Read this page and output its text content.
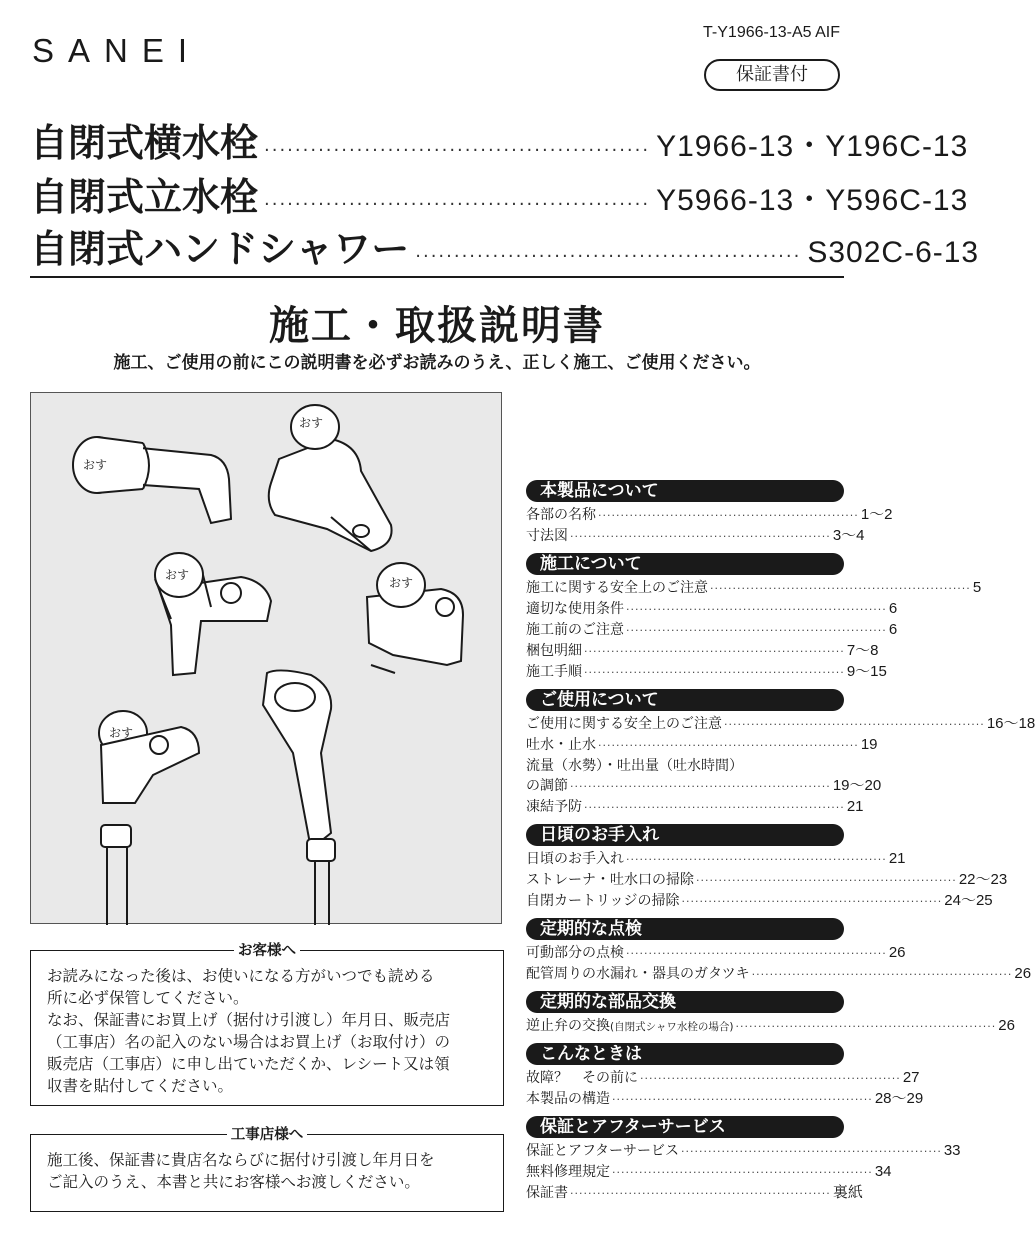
SANEI	T-Y1966-13-A5 AIF
保証書付
自閉式横水栓 ·················································· Y1966-13・Y196C-13
自閉式立水栓 ·················································· Y5966-13・Y596C-13
自閉式ハンドシャワー ·················································· S302C-6-13
施工・取扱説明書
施工、ご使用の前にこの説明書を必ずお読みのうえ、正しく施工、ご使用ください。
おす
おす
おす
おす
おす
お客様へ

お読みになった後は、お使いになる方がいつでも読める

所に必ず保管してください。

なお、保証書にお買上げ（据付け引渡し）年月日、販売店

（工事店）名の記入のない場合はお買上げ（お取付け）の

販売店（工事店）に申し出ていただくか、レシート又は領

収書を貼付してください。

工事店様へ

施工後、保証書に貴店名ならびに据付け引渡し年月日を

ご記入のうえ、本書と共にお客様へお渡しください。

本製品について
各部の名称 ·························································· 1〜2
寸法図 ·························································· 3〜4
施工について
施工に関する安全上のご注意 ·························································· 5
適切な使用条件 ·························································· 6
施工前のご注意 ·························································· 6
梱包明細 ·························································· 7〜8
施工手順 ·························································· 9〜15
ご使用について
ご使用に関する安全上のご注意 ·························································· 16〜18
吐水・止水 ·························································· 19
流量（水勢）・吐出量（吐水時間）
の調節 ·························································· 19〜20
凍結予防 ·························································· 21
日頃のお手入れ
日頃のお手入れ ·························································· 21
ストレーナ・吐水口の掃除 ·························································· 22〜23
自閉カートリッジの掃除 ·························································· 24〜25
定期的な点検
可動部分の点検 ·························································· 26
配管周りの水漏れ・器具のガタツキ ·························································· 26
定期的な部品交換
逆止弁の交換(自閉式シャワ水栓の場合) ·························································· 26
こんなときは
故障？　その前に ·························································· 27
本製品の構造 ·························································· 28〜29
保証とアフターサービス
保証とアフターサービス ·························································· 33
無料修理規定 ·························································· 34
保証書 ·························································· 裏紙
